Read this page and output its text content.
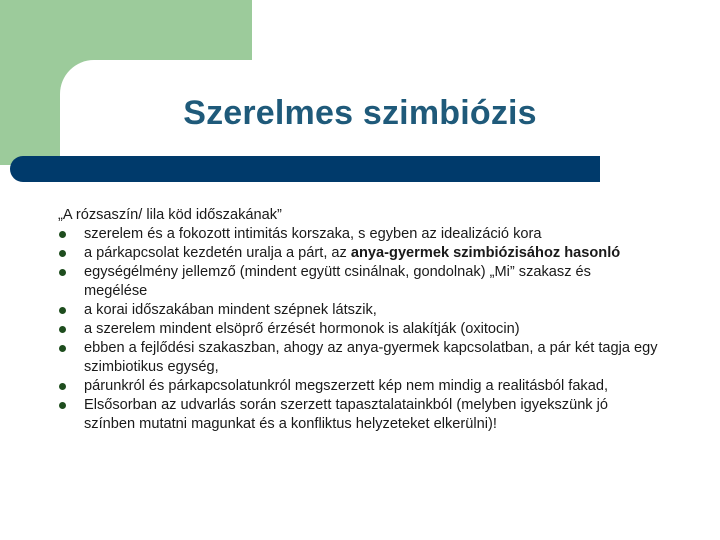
Szerelmes szimbiózis

„A rózsaszín/ lila köd időszakának”

szerelem és a fokozott intimitás korszaka, s egyben az idealizáció kora
a párkapcsolat kezdetén uralja a párt, az anya-gyermek szimbiózisához hasonló
egységélmény jellemző (mindent együtt csinálnak, gondolnak) „Mi” szakasz és megélése
a korai időszakában mindent szépnek látszik,
a szerelem mindent elsöprő érzését hormonok is alakítják (oxitocin)
ebben a fejlődési szakaszban, ahogy az anya-gyermek kapcsolatban, a pár két tagja egy szimbiotikus egység,
párunkról és párkapcsolatunkról megszerzett kép nem mindig a realitásból fakad,
Elsősorban az udvarlás során szerzett tapasztalatainkból (melyben igyekszünk jó színben mutatni magunkat és a konfliktus helyzeteket elkerülni)!
